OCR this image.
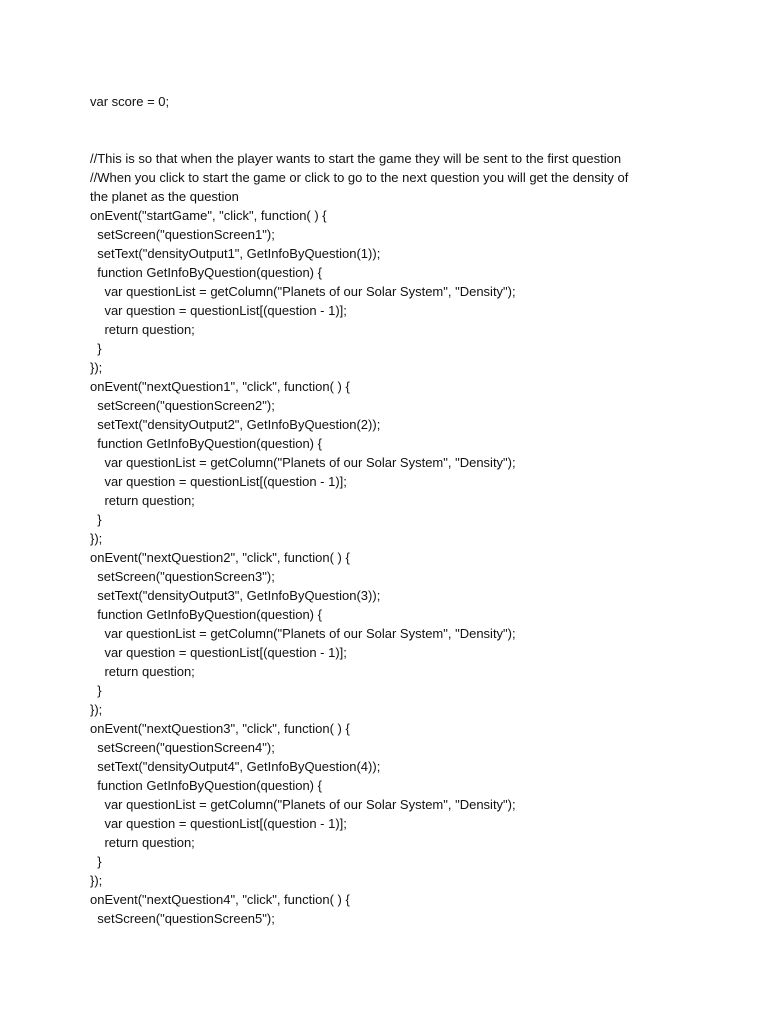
var score = 0;
//This is so that when the player wants to start the game they will be sent to the first question
//When you click to start the game or click to go to the next question you will get the density of
the planet as the question
onEvent("startGame", "click", function( ) {
setScreen("questionScreen1");
setText("densityOutput1", GetInfoByQuestion(1));
function GetInfoByQuestion(question) {
var questionList = getColumn("Planets of our Solar System", "Density");
var question = questionList[(question - 1)];
return question;
}
});
onEvent("nextQuestion1", "click", function( ) {
setScreen("questionScreen2");
setText("densityOutput2", GetInfoByQuestion(2));
function GetInfoByQuestion(question) {
var questionList = getColumn("Planets of our Solar System", "Density");
var question = questionList[(question - 1)];
return question;
}
});
onEvent("nextQuestion2", "click", function( ) {
setScreen("questionScreen3");
setText("densityOutput3", GetInfoByQuestion(3));
function GetInfoByQuestion(question) {
var questionList = getColumn("Planets of our Solar System", "Density");
var question = questionList[(question - 1)];
return question;
}
});
onEvent("nextQuestion3", "click", function( ) {
setScreen("questionScreen4");
setText("densityOutput4", GetInfoByQuestion(4));
function GetInfoByQuestion(question) {
var questionList = getColumn("Planets of our Solar System", "Density");
var question = questionList[(question - 1)];
return question;
}
});
onEvent("nextQuestion4", "click", function( ) {
setScreen("questionScreen5");
